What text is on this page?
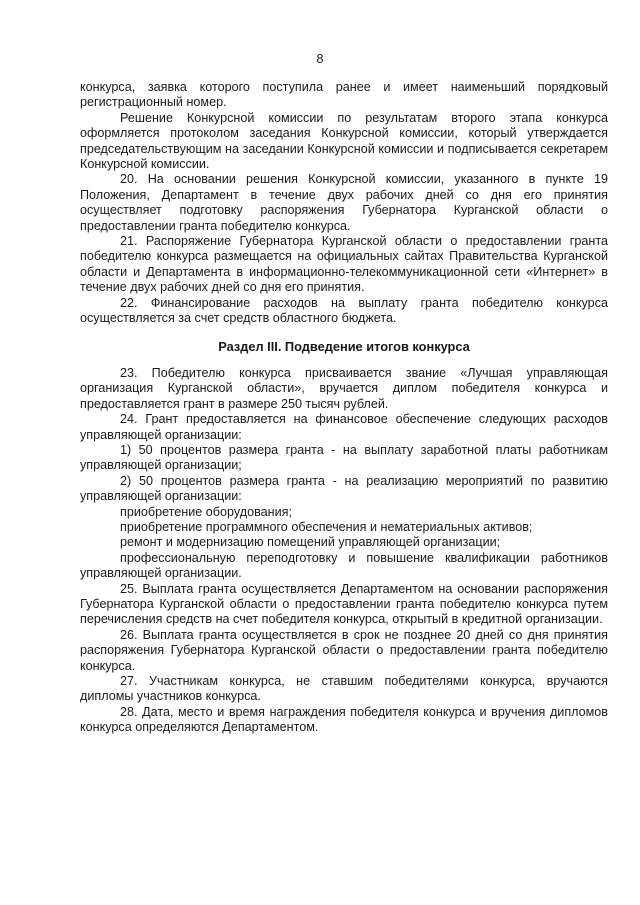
8

конкурса, заявка которого поступила ранее и имеет наименьший порядковый регистрационный номер.

Решение Конкурсной комиссии по результатам второго этапа конкурса оформляется протоколом заседания Конкурсной комиссии, который утверждается председательствующим на заседании Конкурсной комиссии и подписывается секретарем Конкурсной комиссии.

20. На основании решения Конкурсной комиссии, указанного в пункте 19 Положения, Департамент в течение двух рабочих дней со дня его принятия осуществляет подготовку распоряжения Губернатора Курганской области о предоставлении гранта победителю конкурса.

21. Распоряжение Губернатора Курганской области о предоставлении гранта победителю конкурса размещается на официальных сайтах Правительства Курганской области и Департамента в информационно-телекоммуникационной сети «Интернет» в течение двух рабочих дней со дня его принятия.

22. Финансирование расходов на выплату гранта победителю конкурса осуществляется за счет средств областного бюджета.

Раздел III. Подведение итогов конкурса

23. Победителю конкурса присваивается звание «Лучшая управляющая организация Курганской области», вручается диплом победителя конкурса и предоставляется грант в размере 250 тысяч рублей.

24. Грант предоставляется на финансовое обеспечение следующих расходов управляющей организации:

1) 50 процентов размера гранта - на выплату заработной платы работникам управляющей организации;

2) 50 процентов размера гранта - на реализацию мероприятий по развитию управляющей организации:

приобретение оборудования;

приобретение программного обеспечения и нематериальных активов;

ремонт и модернизацию помещений управляющей организации;

профессиональную переподготовку и повышение квалификации работников управляющей организации.

25. Выплата гранта осуществляется Департаментом на основании распоряжения Губернатора Курганской области о предоставлении гранта победителю конкурса путем перечисления средств на счет победителя конкурса, открытый в кредитной организации.

26. Выплата гранта осуществляется в срок не позднее 20 дней со дня принятия распоряжения Губернатора Курганской области о предоставлении гранта победителю конкурса.

27. Участникам конкурса, не ставшим победителями конкурса, вручаются дипломы участников конкурса.

28. Дата, место и время награждения победителя конкурса и вручения дипломов конкурса определяются Департаментом.
